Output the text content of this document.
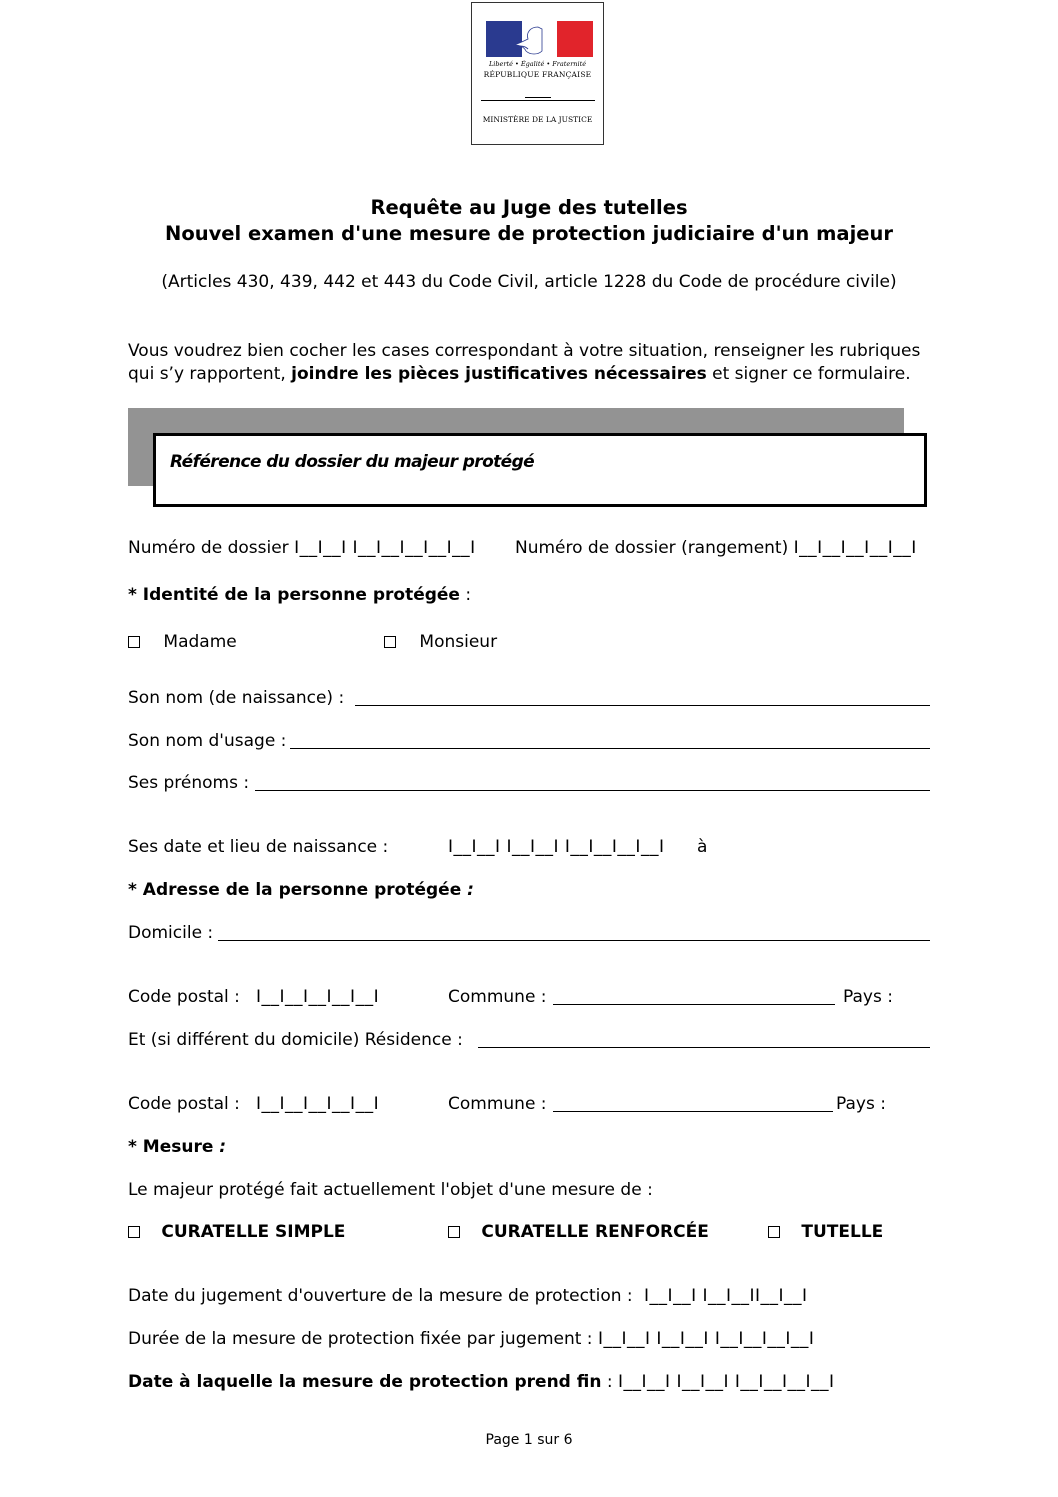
Liberté • Égalité • Fraternité
RÉPUBLIQUE FRANÇAISE
MINISTÈRE DE LA JUSTICE
Requête au Juge des tutelles
Nouvel examen d'une mesure de protection judiciaire d'un majeur
(Articles 430, 439, 442 et 443 du Code Civil, article 1228 du Code de procédure civile)
Vous voudrez bien cocher les cases correspondant à votre situation, renseigner les rubriques
qui s’y rapportent, joindre les pièces justificatives nécessaires et signer ce formulaire.
Référence du dossier du majeur protégé
Numéro de dossier I__I__I I__I__I__I__I__I Numéro de dossier (rangement) I__I__I__I__I__I
* Identité de la personne protégée :
Madame	Monsieur
Son nom (de naissance) :
Son nom d'usage :
Ses prénoms :
Ses date et lieu de naissance :	I__I__I I__I__I I__I__I__I__I à
* Adresse de la personne protégée :
Domicile :
Code postal : I__I__I__I__I__I	Commune :	Pays :
Et (si différent du domicile) Résidence :
Code postal : I__I__I__I__I__I	Commune :	Pays :
* Mesure :
Le majeur protégé fait actuellement l'objet d'une mesure de :
CURATELLE SIMPLE	CURATELLE RENFORCÉE	TUTELLE
Date du jugement d'ouverture de la mesure de protection : I__I__I I__I__II__I__I
Durée de la mesure de protection fixée par jugement : I__I__I I__I__I I__I__I__I__I
Date à laquelle la mesure de protection prend fin : I__I__I I__I__I I__I__I__I__I
Page 1 sur 6
